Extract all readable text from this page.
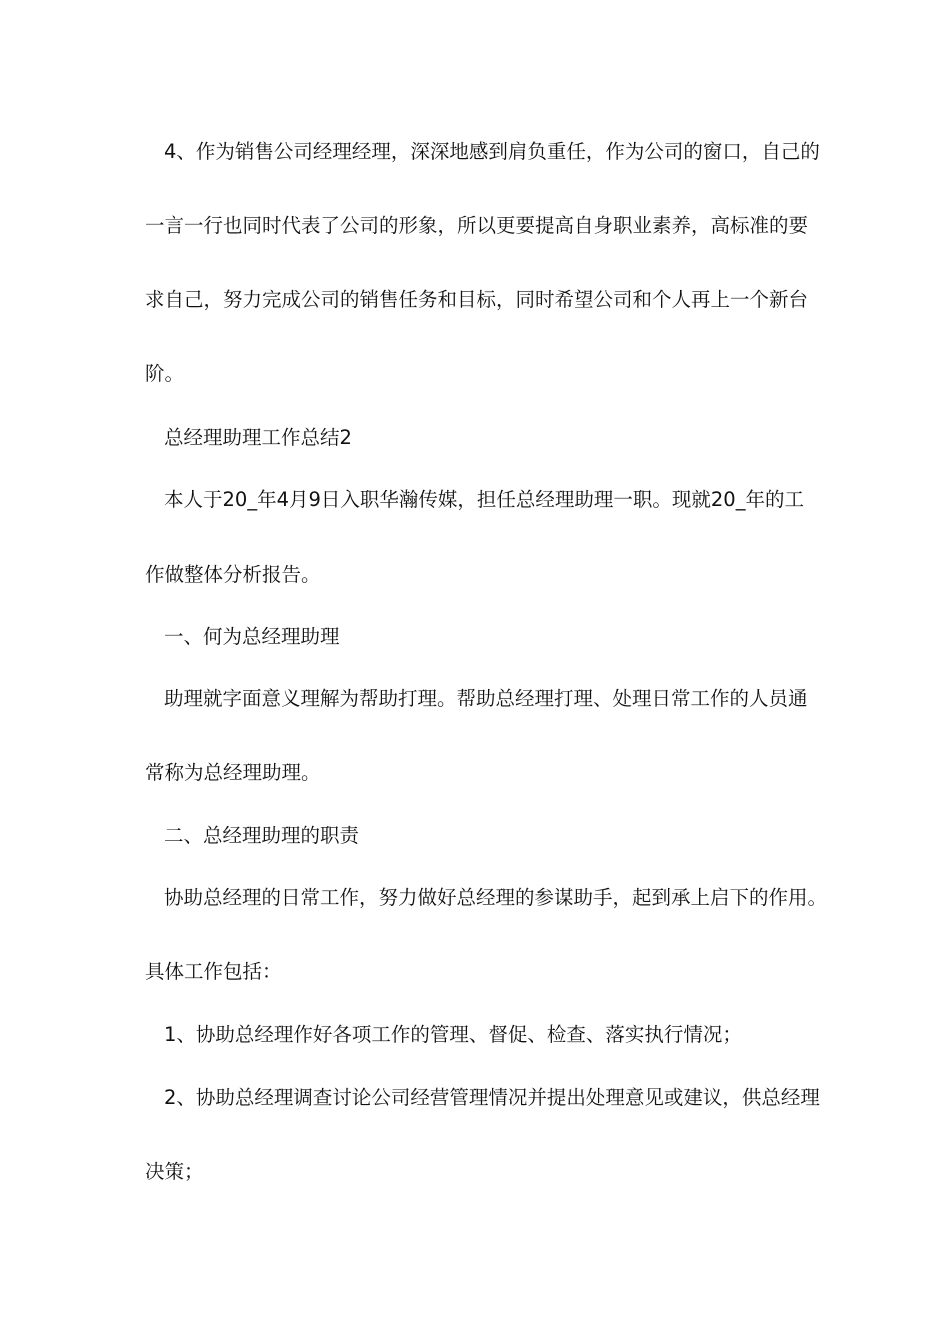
4、作为销售公司经理经理，深深地感到肩负重任，作为公司的窗口，自己的
一言一行也同时代表了公司的形象，所以更要提高自身职业素养，高标准的要
求自己，努力完成公司的销售任务和目标，同时希望公司和个人再上一个新台
阶。
总经理助理工作总结2
本人于20_年4月9日入职华瀚传媒，担任总经理助理一职。现就20_年的工
作做整体分析报告。
一、何为总经理助理
助理就字面意义理解为帮助打理。帮助总经理打理、处理日常工作的人员通
常称为总经理助理。
二、总经理助理的职责
协助总经理的日常工作，努力做好总经理的参谋助手，起到承上启下的作用。
具体工作包括：
1、协助总经理作好各项工作的管理、督促、检查、落实执行情况；
2、协助总经理调查讨论公司经营管理情况并提出处理意见或建议，供总经理
决策；
